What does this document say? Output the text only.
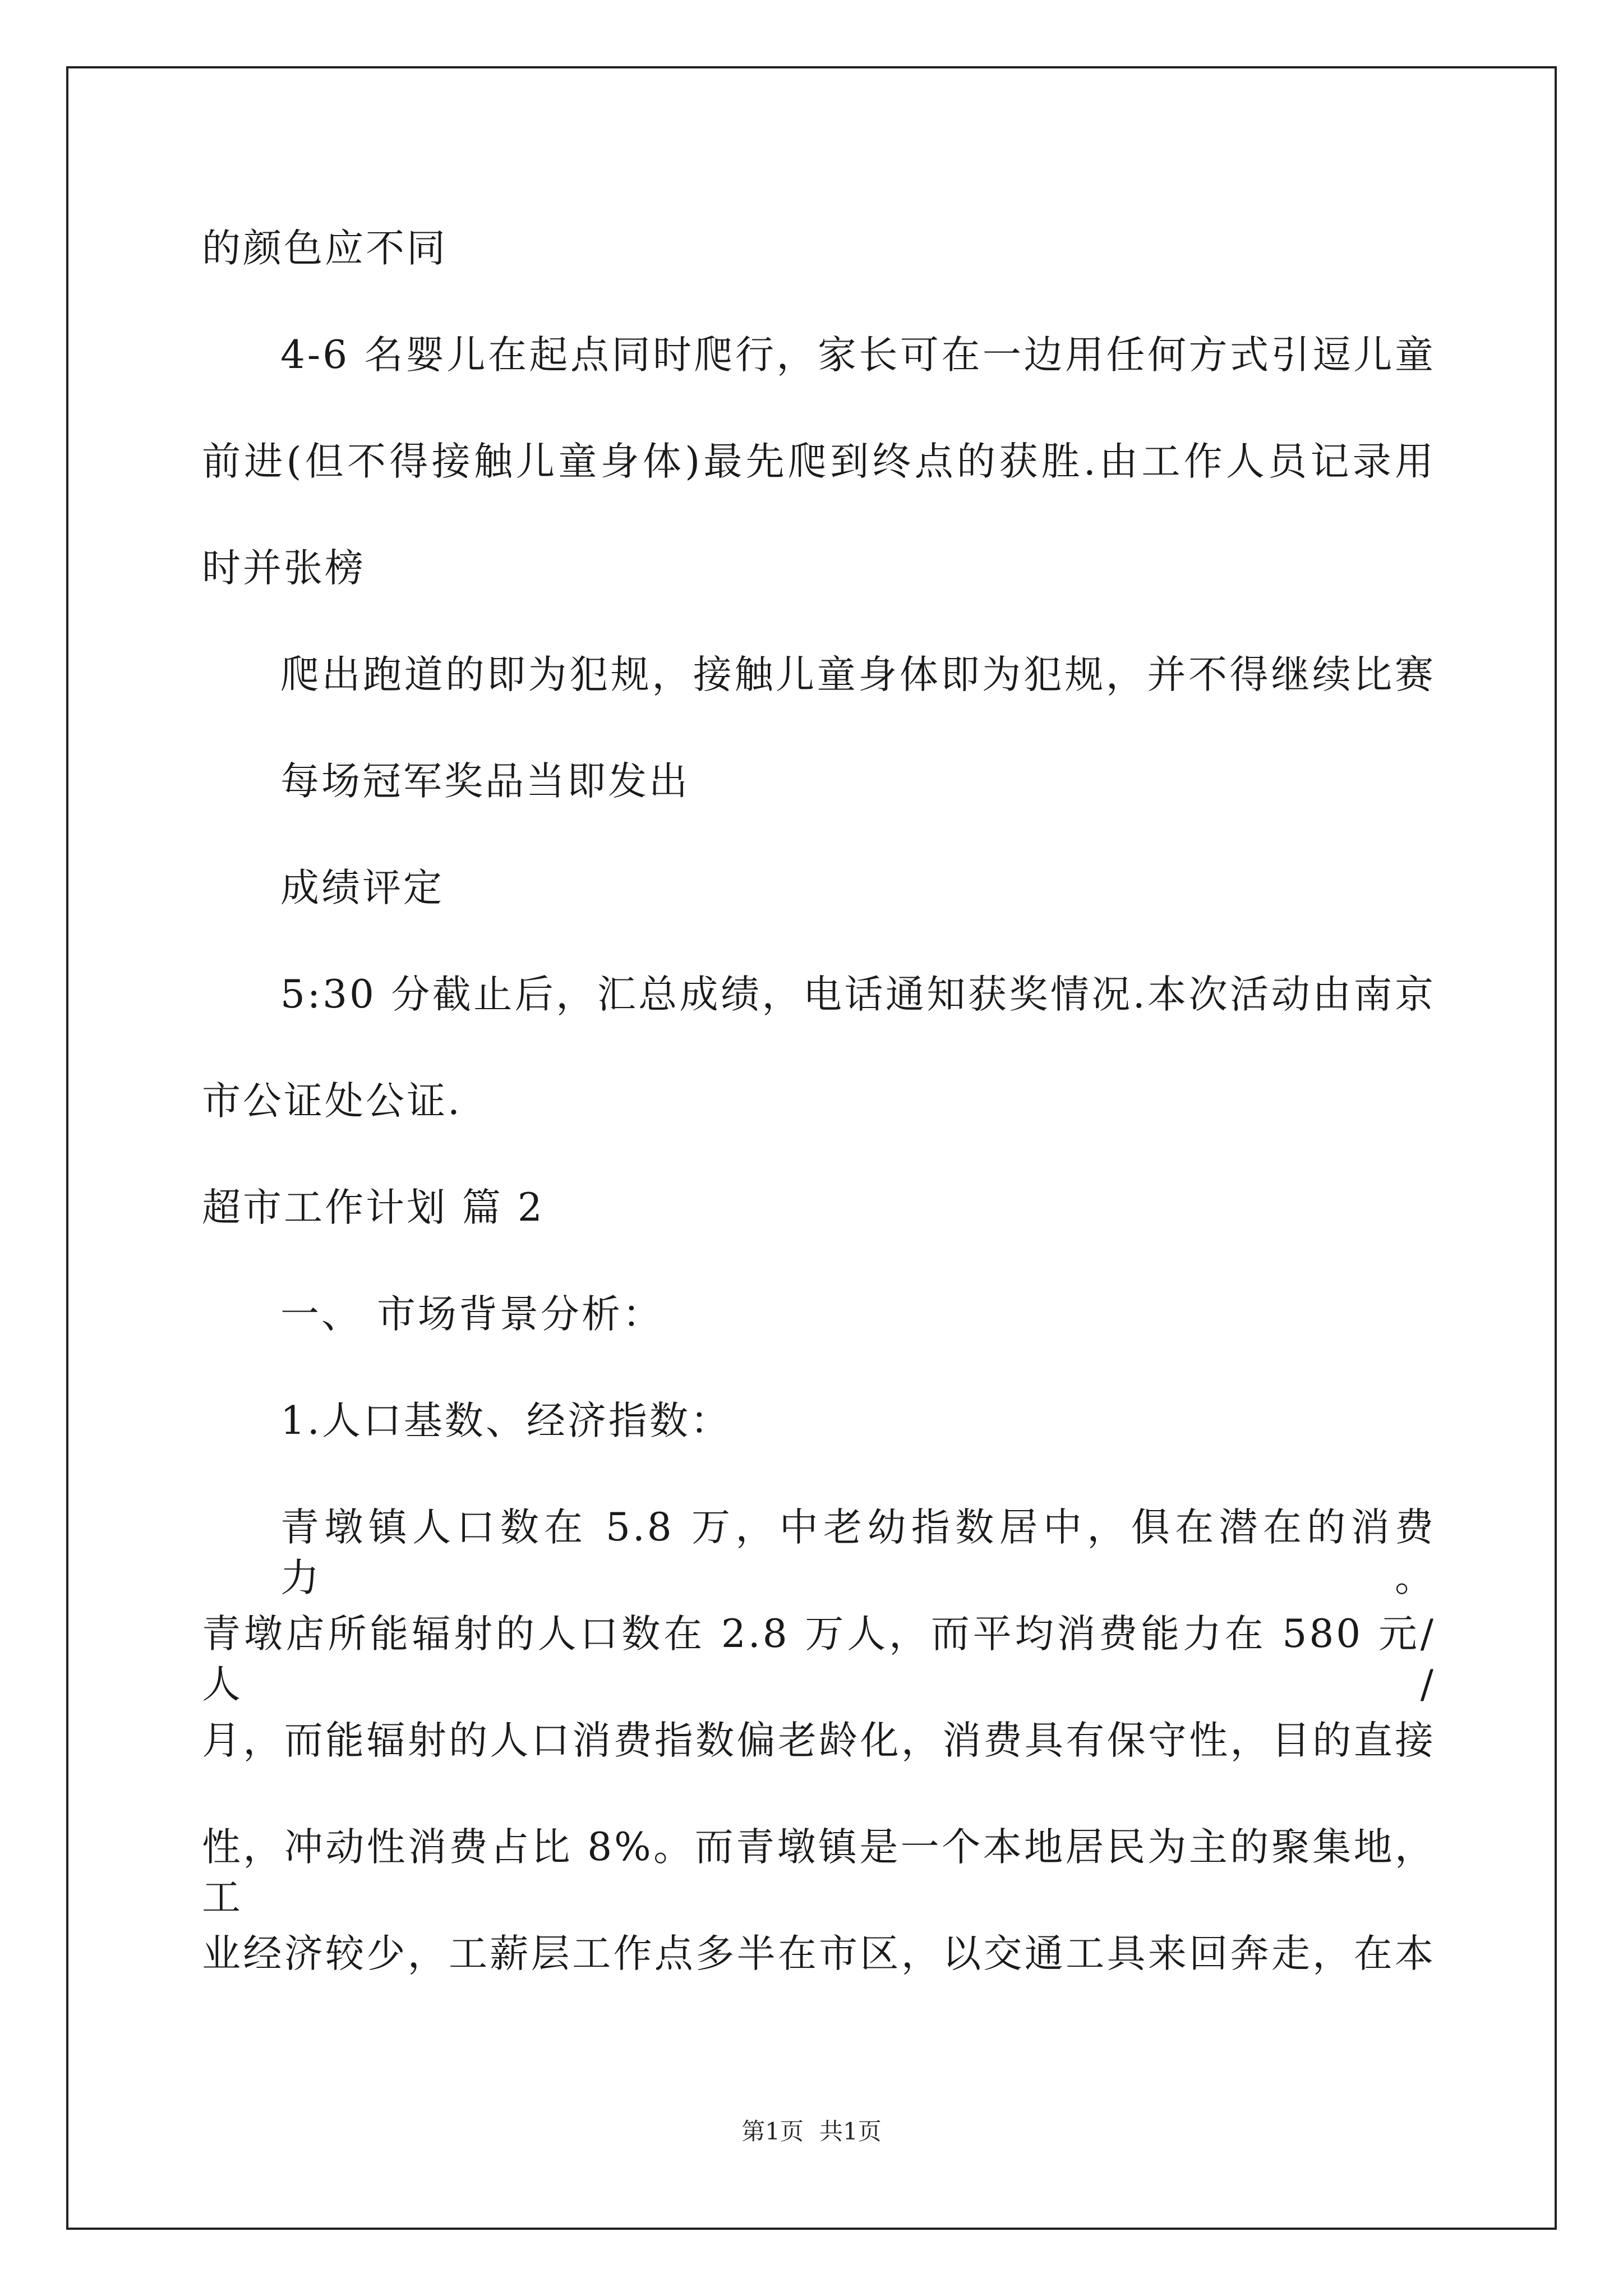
的颜色应不同
4-6 名婴儿在起点同时爬行，家长可在一边用任何方式引逗儿童
前进(但不得接触儿童身体)最先爬到终点的获胜.由工作人员记录用
时并张榜
爬出跑道的即为犯规，接触儿童身体即为犯规，并不得继续比赛
每场冠军奖品当即发出
成绩评定
5:30 分截止后，汇总成绩，电话通知获奖情况.本次活动由南京
市公证处公证.
超市工作计划 篇 2
一、 市场背景分析：
1.人口基数、经济指数：
青墩镇人口数在 5.8 万，中老幼指数居中，俱在潜在的消费力。
青墩店所能辐射的人口数在 2.8 万人，而平均消费能力在 580 元/人/
月，而能辐射的人口消费指数偏老龄化，消费具有保守性，目的直接
性，冲动性消费占比 8%。而青墩镇是一个本地居民为主的聚集地，工
业经济较少，工薪层工作点多半在市区，以交通工具来回奔走，在本
第1页 共1页
